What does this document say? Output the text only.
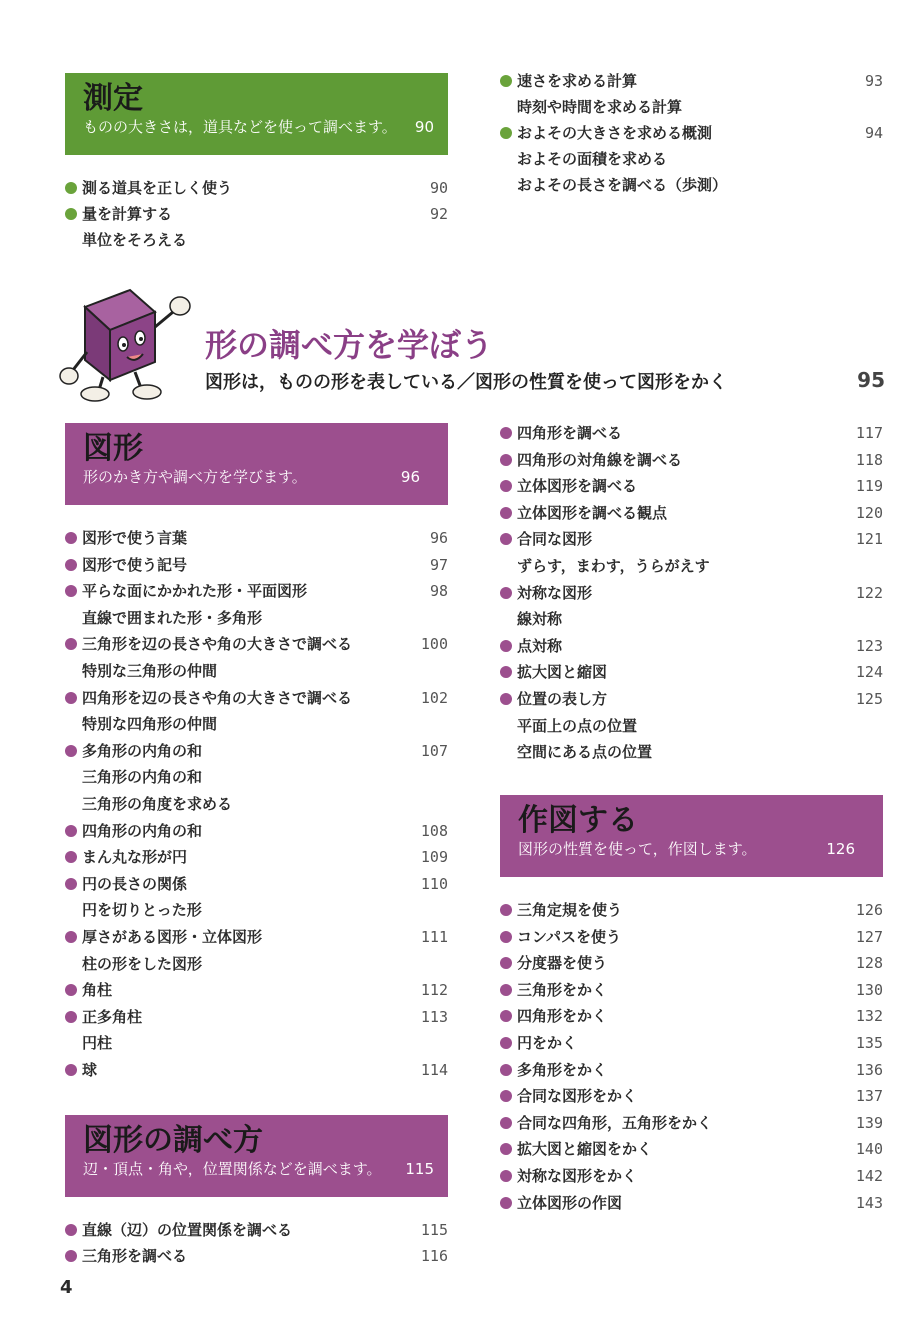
測定
ものの大きさは，道具などを使って調べます。 90
測る道具を正しく使う	90
量を計算する	92
単位をそろえる
速さを求める計算	93
時刻や時間を求める計算
およその大きさを求める概測	94
およその面積を求める
およその長さを調べる（歩測）
形の調べ方を学ぼう
図形は，ものの形を表している／図形の性質を使って図形をかく	95
図形
形のかき方や調べ方を学びます。	96
図形で使う言葉	96
図形で使う記号	97
平らな面にかかれた形・平面図形	98
直線で囲まれた形・多角形
三角形を辺の長さや角の大きさで調べる	100
特別な三角形の仲間
四角形を辺の長さや角の大きさで調べる	102
特別な四角形の仲間
多角形の内角の和	107
三角形の内角の和
三角形の角度を求める
四角形の内角の和	108
まん丸な形が円	109
円の長さの関係	110
円を切りとった形
厚さがある図形・立体図形	111
柱の形をした図形
角柱	112
正多角柱	113
円柱
球	114
四角形を調べる	117
四角形の対角線を調べる	118
立体図形を調べる	119
立体図形を調べる観点	120
合同な図形	121
ずらす，まわす，うらがえす
対称な図形	122
線対称
点対称	123
拡大図と縮図	124
位置の表し方	125
平面上の点の位置
空間にある点の位置
図形の調べ方
辺・頂点・角や，位置関係などを調べます。 115
直線（辺）の位置関係を調べる	115
三角形を調べる	116
作図する
図形の性質を使って，作図します。	126
三角定規を使う	126
コンパスを使う	127
分度器を使う	128
三角形をかく	130
四角形をかく	132
円をかく	135
多角形をかく	136
合同な図形をかく	137
合同な四角形，五角形をかく	139
拡大図と縮図をかく	140
対称な図形をかく	142
立体図形の作図	143
4
